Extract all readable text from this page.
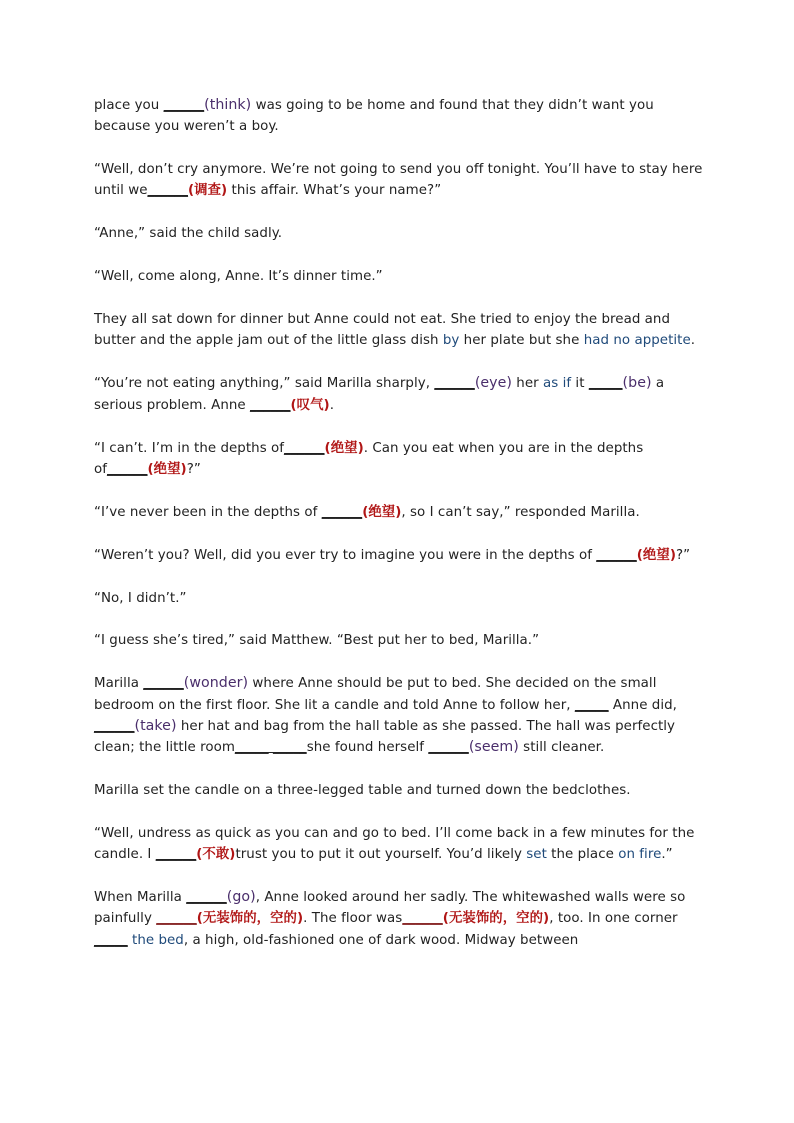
place you ______(think) was going to be home and found that they didn’t want you because you weren’t a boy.

“Well, don’t cry anymore. We’re not going to send you off tonight. You’ll have to stay here until we______(调查) this affair. What’s your name?”

“Anne,” said the child sadly.

“Well, come along, Anne. It’s dinner time.”

They all sat down for dinner but Anne could not eat. She tried to enjoy the bread and butter and the apple jam out of the little glass dish by her plate but she had no appetite.

“You’re not eating anything,” said Marilla sharply, ______(eye) her as if it _____(be) a serious problem. Anne ______(叹气).

“I can’t. I’m in the depths of______(绝望). Can you eat when you are in the depths of______(绝望)?”

“I’ve never been in the depths of ______(绝望), so I can’t say,” responded Marilla.

“Weren’t you? Well, did you ever try to imagine you were in the depths of ______(绝望)?”

“No, I didn’t.”

“I guess she’s tired,” said Matthew. “Best put her to bed, Marilla.”

Marilla ______(wonder) where Anne should be put to bed. She decided on the small bedroom on the first floor. She lit a candle and told Anne to follow her, _____ Anne did, ______(take) her hat and bag from the hall table as she passed. The hall was perfectly clean; the little room_____ _____she found herself ______(seem) still cleaner.

Marilla set the candle on a three-legged table and turned down the bedclothes.

“Well, undress as quick as you can and go to bed. I’ll come back in a few minutes for the candle. I ______(不敢)trust you to put it out yourself. You’d likely set the place on fire.”

When Marilla ______(go), Anne looked around her sadly. The whitewashed walls were so painfully ______(无装饰的，空的). The floor was______(无装饰的，空的), too. In one corner _____ the bed, a high, old-fashioned one of dark wood. Midway between
